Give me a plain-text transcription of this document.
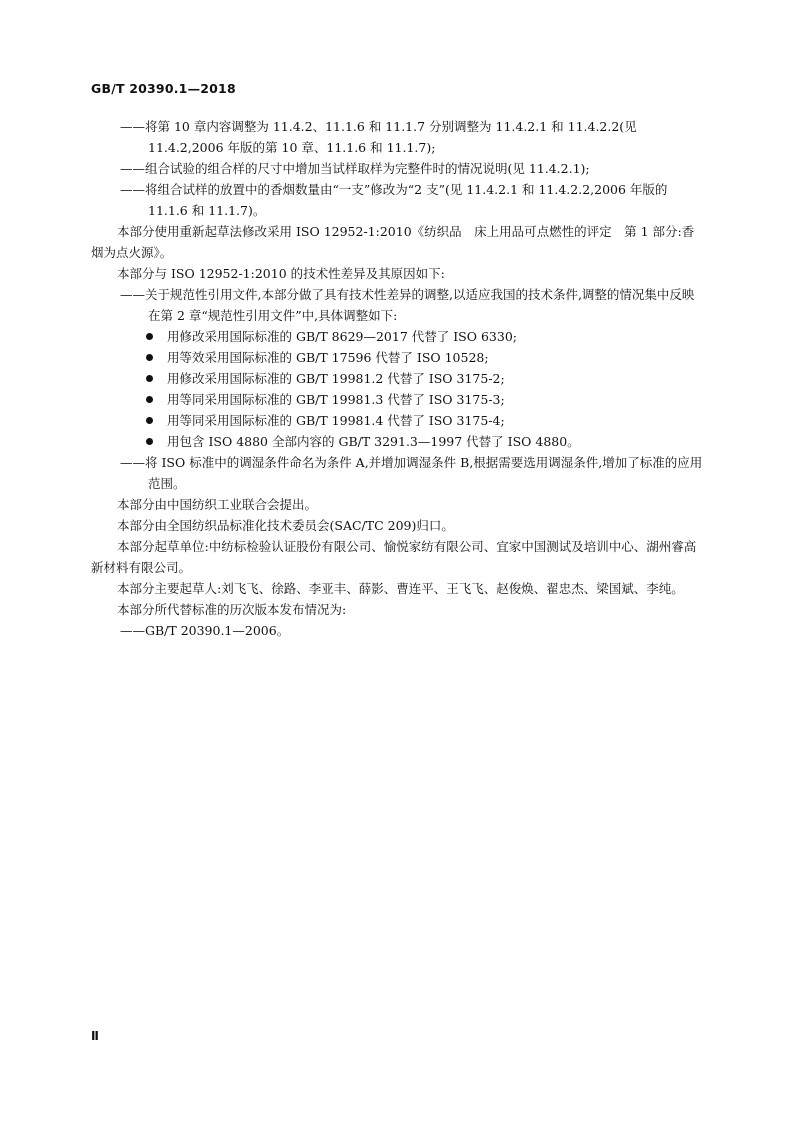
GB/T 20390.1—2018
——将第 10 章内容调整为 11.4.2、11.1.6 和 11.1.7 分别调整为 11.4.2.1 和 11.4.2.2(见 11.4.2,2006 年版的第 10 章、11.1.6 和 11.1.7);
——组合试验的组合样的尺寸中增加当试样取样为完整件时的情况说明(见 11.4.2.1);
——将组合试样的放置中的香烟数量由“一支”修改为“2 支”(见 11.4.2.1 和 11.4.2.2,2006 年版的 11.1.6 和 11.1.7)。
本部分使用重新起草法修改采用 ISO 12952-1:2010《纺织品　床上用品可点燃性的评定　第 1 部分:香烟为点火源》。
本部分与 ISO 12952-1:2010 的技术性差异及其原因如下:
——关于规范性引用文件,本部分做了具有技术性差异的调整,以适应我国的技术条件,调整的情况集中反映在第 2 章“规范性引用文件”中,具体调整如下:
用修改采用国际标准的 GB/T 8629—2017 代替了 ISO 6330;
用等效采用国际标准的 GB/T 17596 代替了 ISO 10528;
用修改采用国际标准的 GB/T 19981.2 代替了 ISO 3175-2;
用等同采用国际标准的 GB/T 19981.3 代替了 ISO 3175-3;
用等同采用国际标准的 GB/T 19981.4 代替了 ISO 3175-4;
用包含 ISO 4880 全部内容的 GB/T 3291.3—1997 代替了 ISO 4880。
——将 ISO 标准中的调湿条件命名为条件 A,并增加调湿条件 B,根据需要选用调湿条件,增加了标准的应用范围。
本部分由中国纺织工业联合会提出。
本部分由全国纺织品标准化技术委员会(SAC/TC 209)归口。
本部分起草单位:中纺标检验认证股份有限公司、愉悦家纺有限公司、宜家中国测试及培训中心、湖州睿高新材料有限公司。
本部分主要起草人:刘飞飞、徐路、李亚丰、薛影、曹连平、王飞飞、赵俊焕、翟忠杰、梁国斌、李纯。
本部分所代替标准的历次版本发布情况为:
——GB/T 20390.1—2006。
Ⅱ
